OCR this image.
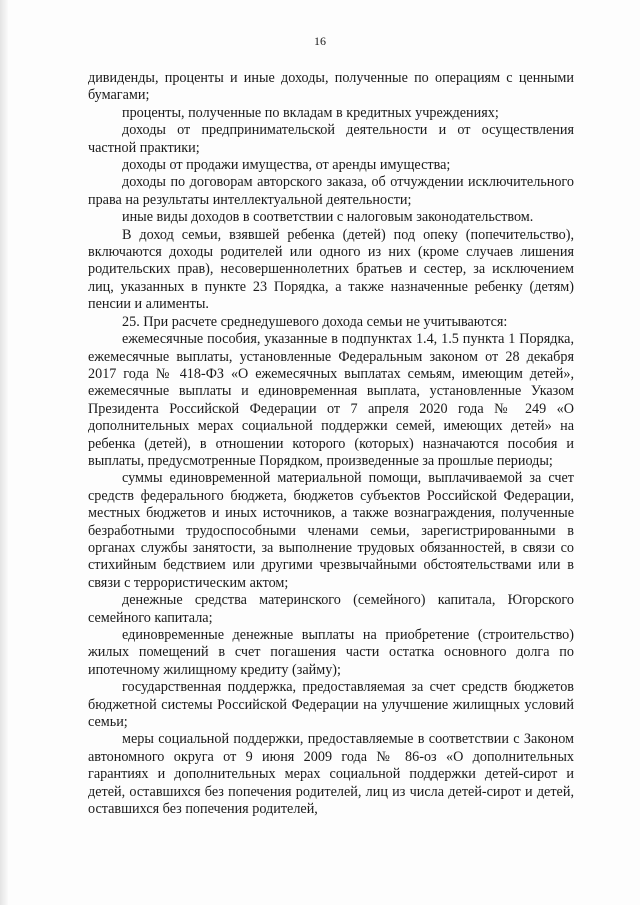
16

дивиденды, проценты и иные доходы, полученные по операциям с ценными бумагами;

проценты, полученные по вкладам в кредитных учреждениях;

доходы от предпринимательской деятельности и от осуществления частной практики;

доходы от продажи имущества, от аренды имущества;

доходы по договорам авторского заказа, об отчуждении исключительного права на результаты интеллектуальной деятельности;

иные виды доходов в соответствии с налоговым законодательством.

В доход семьи, взявшей ребенка (детей) под опеку (попечительство), включаются доходы родителей или одного из них (кроме случаев лишения родительских прав), несовершеннолетних братьев и сестер, за исключением лиц, указанных в пункте 23 Порядка, а также назначенные ребенку (детям) пенсии и алименты.

25. При расчете среднедушевого дохода семьи не учитываются:

ежемесячные пособия, указанные в подпунктах 1.4, 1.5 пункта 1 Порядка, ежемесячные выплаты, установленные Федеральным законом от 28 декабря 2017 года № 418-ФЗ «О ежемесячных выплатах семьям, имеющим детей», ежемесячные выплаты и единовременная выплата, установленные Указом Президента Российской Федерации от 7 апреля 2020 года № 249 «О дополнительных мерах социальной поддержки семей, имеющих детей» на ребенка (детей), в отношении которого (которых) назначаются пособия и выплаты, предусмотренные Порядком, произведенные за прошлые периоды;

суммы единовременной материальной помощи, выплачиваемой за счет средств федерального бюджета, бюджетов субъектов Российской Федерации, местных бюджетов и иных источников, а также вознаграждения, полученные безработными трудоспособными членами семьи, зарегистрированными в органах службы занятости, за выполнение трудовых обязанностей, в связи со стихийным бедствием или другими чрезвычайными обстоятельствами или в связи с террористическим актом;

денежные средства материнского (семейного) капитала, Югорского семейного капитала;

единовременные денежные выплаты на приобретение (строительство) жилых помещений в счет погашения части остатка основного долга по ипотечному жилищному кредиту (займу);

государственная поддержка, предоставляемая за счет средств бюджетов бюджетной системы Российской Федерации на улучшение жилищных условий семьи;

меры социальной поддержки, предоставляемые в соответствии с Законом автономного округа от 9 июня 2009 года № 86-оз «О дополнительных гарантиях и дополнительных мерах социальной поддержки детей-сирот и детей, оставшихся без попечения родителей, лиц из числа детей-сирот и детей, оставшихся без попечения родителей,
